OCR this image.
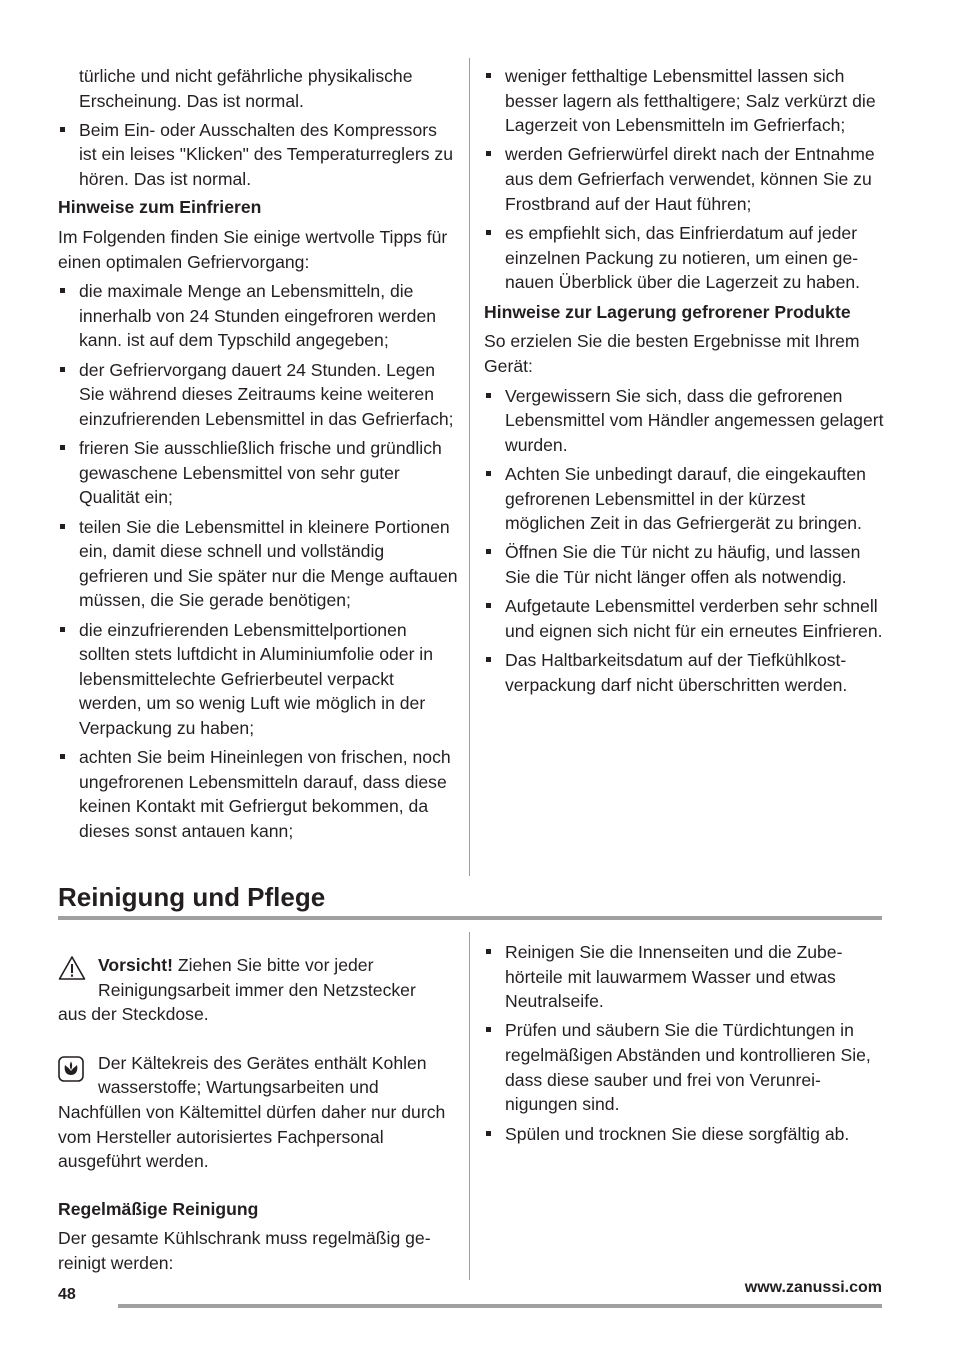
türliche und nicht gefährliche physikalische Erscheinung. Das ist normal.
Beim Ein- oder Ausschalten des Kompressors ist ein leises "Klicken" des Temperaturreglers zu hören. Das ist normal.
Hinweise zum Einfrieren

Im Folgenden finden Sie einige wertvolle Tipps für einen optimalen Gefriervorgang:

die maximale Menge an Lebensmitteln, die innerhalb von 24 Stunden eingefroren werden kann. ist auf dem Typschild angegeben;
der Gefriervorgang dauert 24 Stunden. Legen Sie während dieses Zeitraums keine weiteren einzufrierenden Lebensmittel in das Gefrierfach;
frieren Sie ausschließlich frische und gründlich gewaschene Lebensmittel von sehr guter Qualität ein;
teilen Sie die Lebensmittel in kleinere Portionen ein, damit diese schnell und vollständig gefrieren und Sie später nur die Menge auftauen müssen, die Sie gerade benötigen;
die einzufrierenden Lebensmittelportionen sollten stets luftdicht in Aluminiumfolie oder in lebensmittelechte Gefrierbeutel verpackt werden, um so wenig Luft wie möglich in der Verpackung zu haben;
achten Sie beim Hineinlegen von frischen, noch ungefrorenen Lebensmitteln darauf, dass diese keinen Kontakt mit Gefriergut bekommen, da dieses sonst antauen kann;
weniger fetthaltige Lebensmittel lassen sich besser lagern als fetthaltigere; Salz verkürzt die Lagerzeit von Lebensmitteln im Gefrierfach;
werden Gefrierwürfel direkt nach der Entnahme aus dem Gefrierfach verwendet, können Sie zu Frostbrand auf der Haut führen;
es empfiehlt sich, das Einfrierdatum auf jeder einzelnen Packung zu notieren, um einen genauen Überblick über die Lagerzeit zu haben.
Hinweise zur Lagerung gefrorener Produkte

So erzielen Sie die besten Ergebnisse mit Ihrem Gerät:

Vergewissern Sie sich, dass die gefrorenen Lebensmittel vom Händler angemessen gelagert wurden.
Achten Sie unbedingt darauf, die eingekauften gefrorenen Lebensmittel in der kürzest möglichen Zeit in das Gefriergerät zu bringen.
Öffnen Sie die Tür nicht zu häufig, und lassen Sie die Tür nicht länger offen als notwendig.
Aufgetaute Lebensmittel verderben sehr schnell und eignen sich nicht für ein erneutes Einfrieren.
Das Haltbarkeitsdatum auf der Tiefkühlkostverpackung darf nicht überschritten werden.
Reinigung und Pflege
Vorsicht! Ziehen Sie bitte vor jeder
Reinigungsarbeit immer den Netzstecker
aus der Steckdose.
Der Kältekreis des Gerätes enthält Kohlen
wasserstoffe; Wartungsarbeiten und
Nachfüllen von Kältemittel dürfen daher nur durch vom Hersteller autorisiertes Fachpersonal ausgeführt werden.
Regelmäßige Reinigung

Der gesamte Kühlschrank muss regelmäßig gereinigt werden:

Reinigen Sie die Innenseiten und die Zubehörteile mit lauwarmem Wasser und etwas Neutralseife.
Prüfen und säubern Sie die Türdichtungen in regelmäßigen Abständen und kontrollieren Sie, dass diese sauber und frei von Verunreinigungen sind.
Spülen und trocknen Sie diese sorgfältig ab.
48	www.zanussi.com
